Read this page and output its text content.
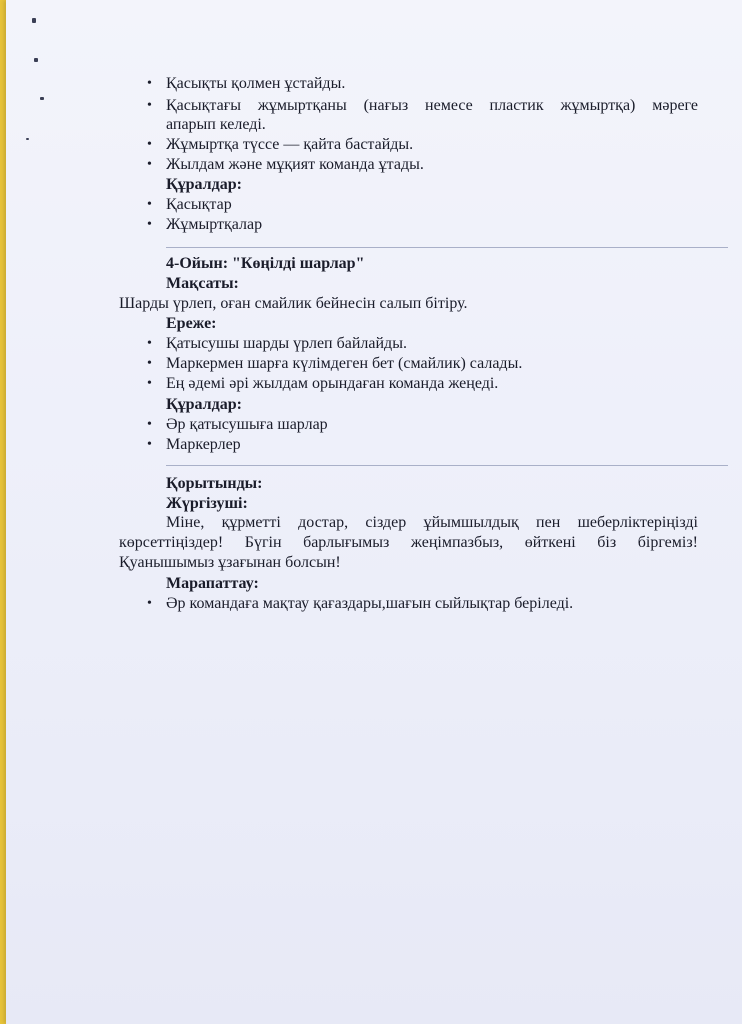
• Қасықты қолмен ұстайды.
• Қасықтағы жұмыртқаны (нағыз немесе пластик жұмыртқа) мәреге
апарып келеді.
• Жұмыртқа түссе — қайта бастайды.
• Жылдам және мұқият команда ұтады.
Құралдар:
• Қасықтар
• Жұмыртқалар
4-Ойын: "Көңілді шарлар"
Мақсаты:
Шарды үрлеп, оған смайлик бейнесін салып бітіру.
Ереже:
• Қатысушы шарды үрлеп байлайды.
• Маркермен шарға күлімдеген бет (смайлик) салады.
• Ең әдемі әрі жылдам орындаған команда жеңеді.
Құралдар:
• Әр қатысушыға шарлар
• Маркерлер
Қорытынды:
Жүргізуші:
Міне, құрметті достар, сіздер ұйымшылдық пен шеберліктеріңізді
көрсеттіңіздер! Бүгін барлығымыз жеңімпазбыз, өйткені біз біргеміз!
Қуанышымыз ұзағынан болсын!
Марапаттау:
• Әр командаға мақтау қағаздары,шағын сыйлықтар беріледі.
